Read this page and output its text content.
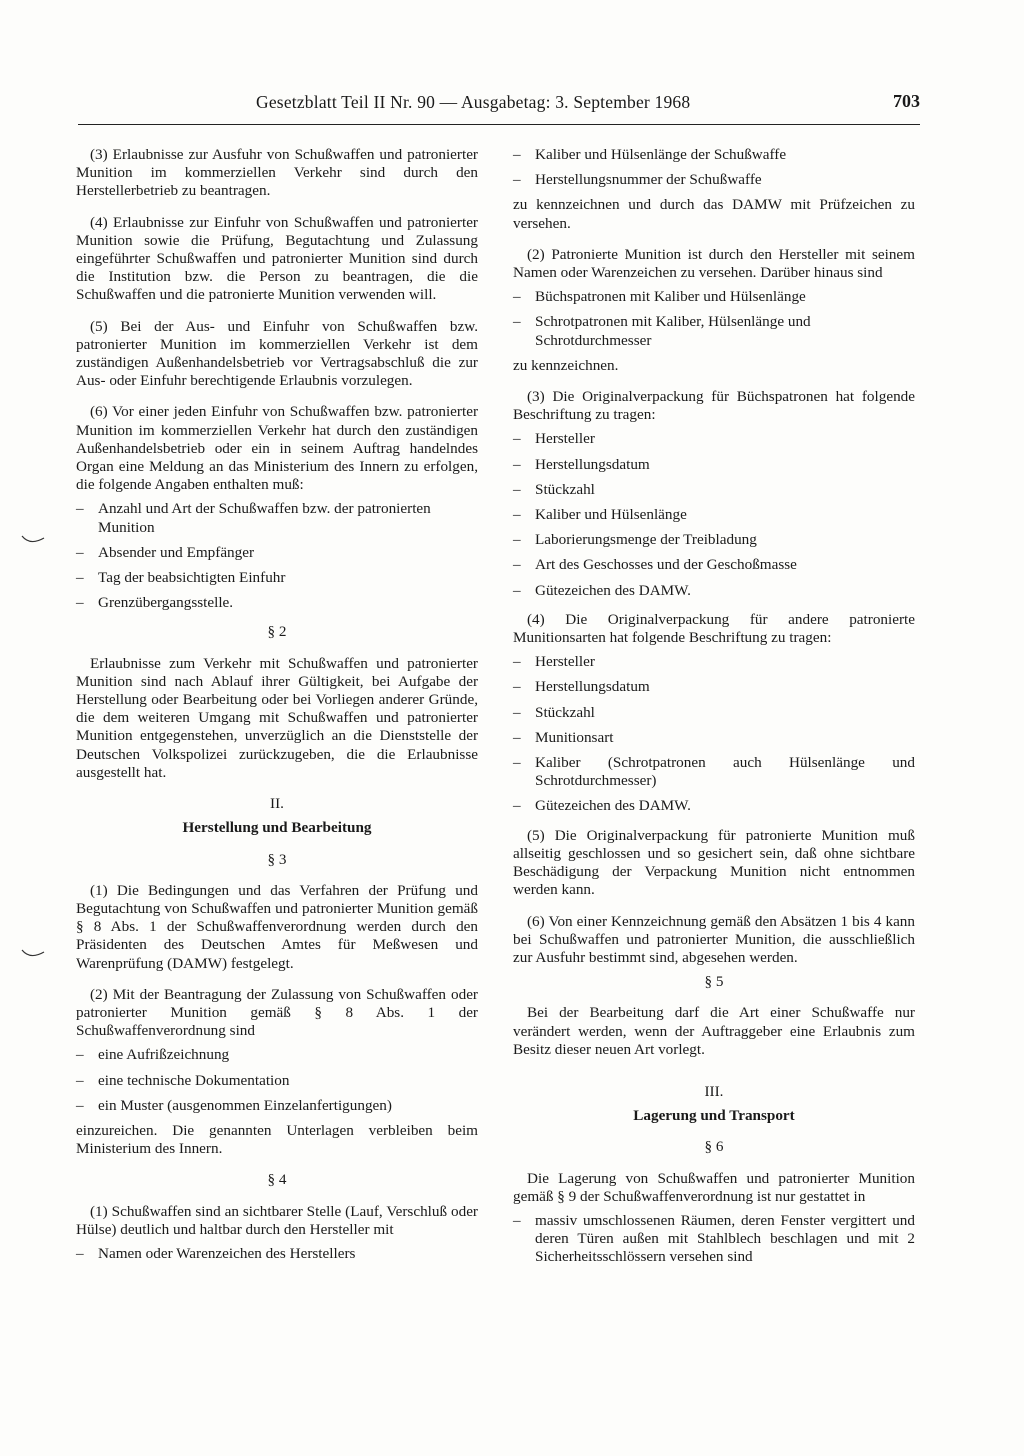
Gesetzblatt Teil II Nr. 90 — Ausgabetag: 3. September 1968	703

(3) Erlaubnisse zur Ausfuhr von Schußwaffen und patronierter Munition im kommerziellen Verkehr sind durch den Herstellerbetrieb zu beantragen.

(4) Erlaubnisse zur Einfuhr von Schußwaffen und patronierter Munition sowie die Prüfung, Begutachtung und Zulassung eingeführter Schußwaffen und patronierter Munition sind durch die Institution bzw. die Person zu beantragen, die die Schußwaffen und die patronierte Munition verwenden will.

(5) Bei der Aus- und Einfuhr von Schußwaffen bzw. patronierter Munition im kommerziellen Verkehr ist dem zuständigen Außenhandelsbetrieb vor Vertragsabschluß die zur Aus- oder Einfuhr berechtigende Erlaubnis vorzulegen.

(6) Vor einer jeden Einfuhr von Schußwaffen bzw. patronierter Munition im kommerziellen Verkehr hat durch den zuständigen Außenhandelsbetrieb oder ein in seinem Auftrag handelndes Organ eine Meldung an das Ministerium des Innern zu erfolgen, die folgende Angaben enthalten muß:

– Anzahl und Art der Schußwaffen bzw. der patronierten Munition
– Absender und Empfänger
– Tag der beabsichtigten Einfuhr
– Grenzübergangsstelle.
§ 2

Erlaubnisse zum Verkehr mit Schußwaffen und patronierter Munition sind nach Ablauf ihrer Gültigkeit, bei Aufgabe der Herstellung oder Bearbeitung oder bei Vorliegen anderer Gründe, die dem weiteren Umgang mit Schußwaffen und patronierter Munition entgegenstehen, unverzüglich an die Dienststelle der Deutschen Volkspolizei zurückzugeben, die die Erlaubnisse ausgestellt hat.

II.
Herstellung und Bearbeitung
§ 3

(1) Die Bedingungen und das Verfahren der Prüfung und Begutachtung von Schußwaffen und patronierter Munition gemäß § 8 Abs. 1 der Schußwaffenverordnung werden durch den Präsidenten des Deutschen Amtes für Meßwesen und Warenprüfung (DAMW) festgelegt.

(2) Mit der Beantragung der Zulassung von Schußwaffen oder patronierter Munition gemäß § 8 Abs. 1 der Schußwaffenverordnung sind

– eine Aufrißzeichnung
– eine technische Dokumentation
– ein Muster (ausgenommen Einzelanfertigungen)

einzureichen. Die genannten Unterlagen verbleiben beim Ministerium des Innern.

§ 4

(1) Schußwaffen sind an sichtbarer Stelle (Lauf, Verschluß oder Hülse) deutlich und haltbar durch den Hersteller mit

– Namen oder Warenzeichen des Herstellers
– Kaliber und Hülsenlänge der Schußwaffe
– Herstellungsnummer der Schußwaffe

zu kennzeichnen und durch das DAMW mit Prüfzeichen zu versehen.

(2) Patronierte Munition ist durch den Hersteller mit seinem Namen oder Warenzeichen zu versehen. Darüber hinaus sind

– Büchspatronen mit Kaliber und Hülsenlänge
– Schrotpatronen mit Kaliber, Hülsenlänge und Schrotdurchmesser

zu kennzeichnen.

(3) Die Originalverpackung für Büchspatronen hat folgende Beschriftung zu tragen:

– Hersteller
– Herstellungsdatum
– Stückzahl
– Kaliber und Hülsenlänge
– Laborierungsmenge der Treibladung
– Art des Geschosses und der Geschoßmasse
– Gütezeichen des DAMW.

(4) Die Originalverpackung für andere patronierte Munitionsarten hat folgende Beschriftung zu tragen:

– Hersteller
– Herstellungsdatum
– Stückzahl
– Munitionsart
– Kaliber (Schrotpatronen auch Hülsenlänge und Schrotdurchmesser)
– Gütezeichen des DAMW.

(5) Die Originalverpackung für patronierte Munition muß allseitig geschlossen und so gesichert sein, daß ohne sichtbare Beschädigung der Verpackung Munition nicht entnommen werden kann.

(6) Von einer Kennzeichnung gemäß den Absätzen 1 bis 4 kann bei Schußwaffen und patronierter Munition, die ausschließlich zur Ausfuhr bestimmt sind, abgesehen werden.

§ 5

Bei der Bearbeitung darf die Art einer Schußwaffe nur verändert werden, wenn der Auftraggeber eine Erlaubnis zum Besitz dieser neuen Art vorlegt.

III.
Lagerung und Transport
§ 6

Die Lagerung von Schußwaffen und patronierter Munition gemäß § 9 der Schußwaffenverordnung ist nur gestattet in

– massiv umschlossenen Räumen, deren Fenster vergittert und deren Türen außen mit Stahlblech beschlagen und mit 2 Sicherheitsschlössern versehen sind
